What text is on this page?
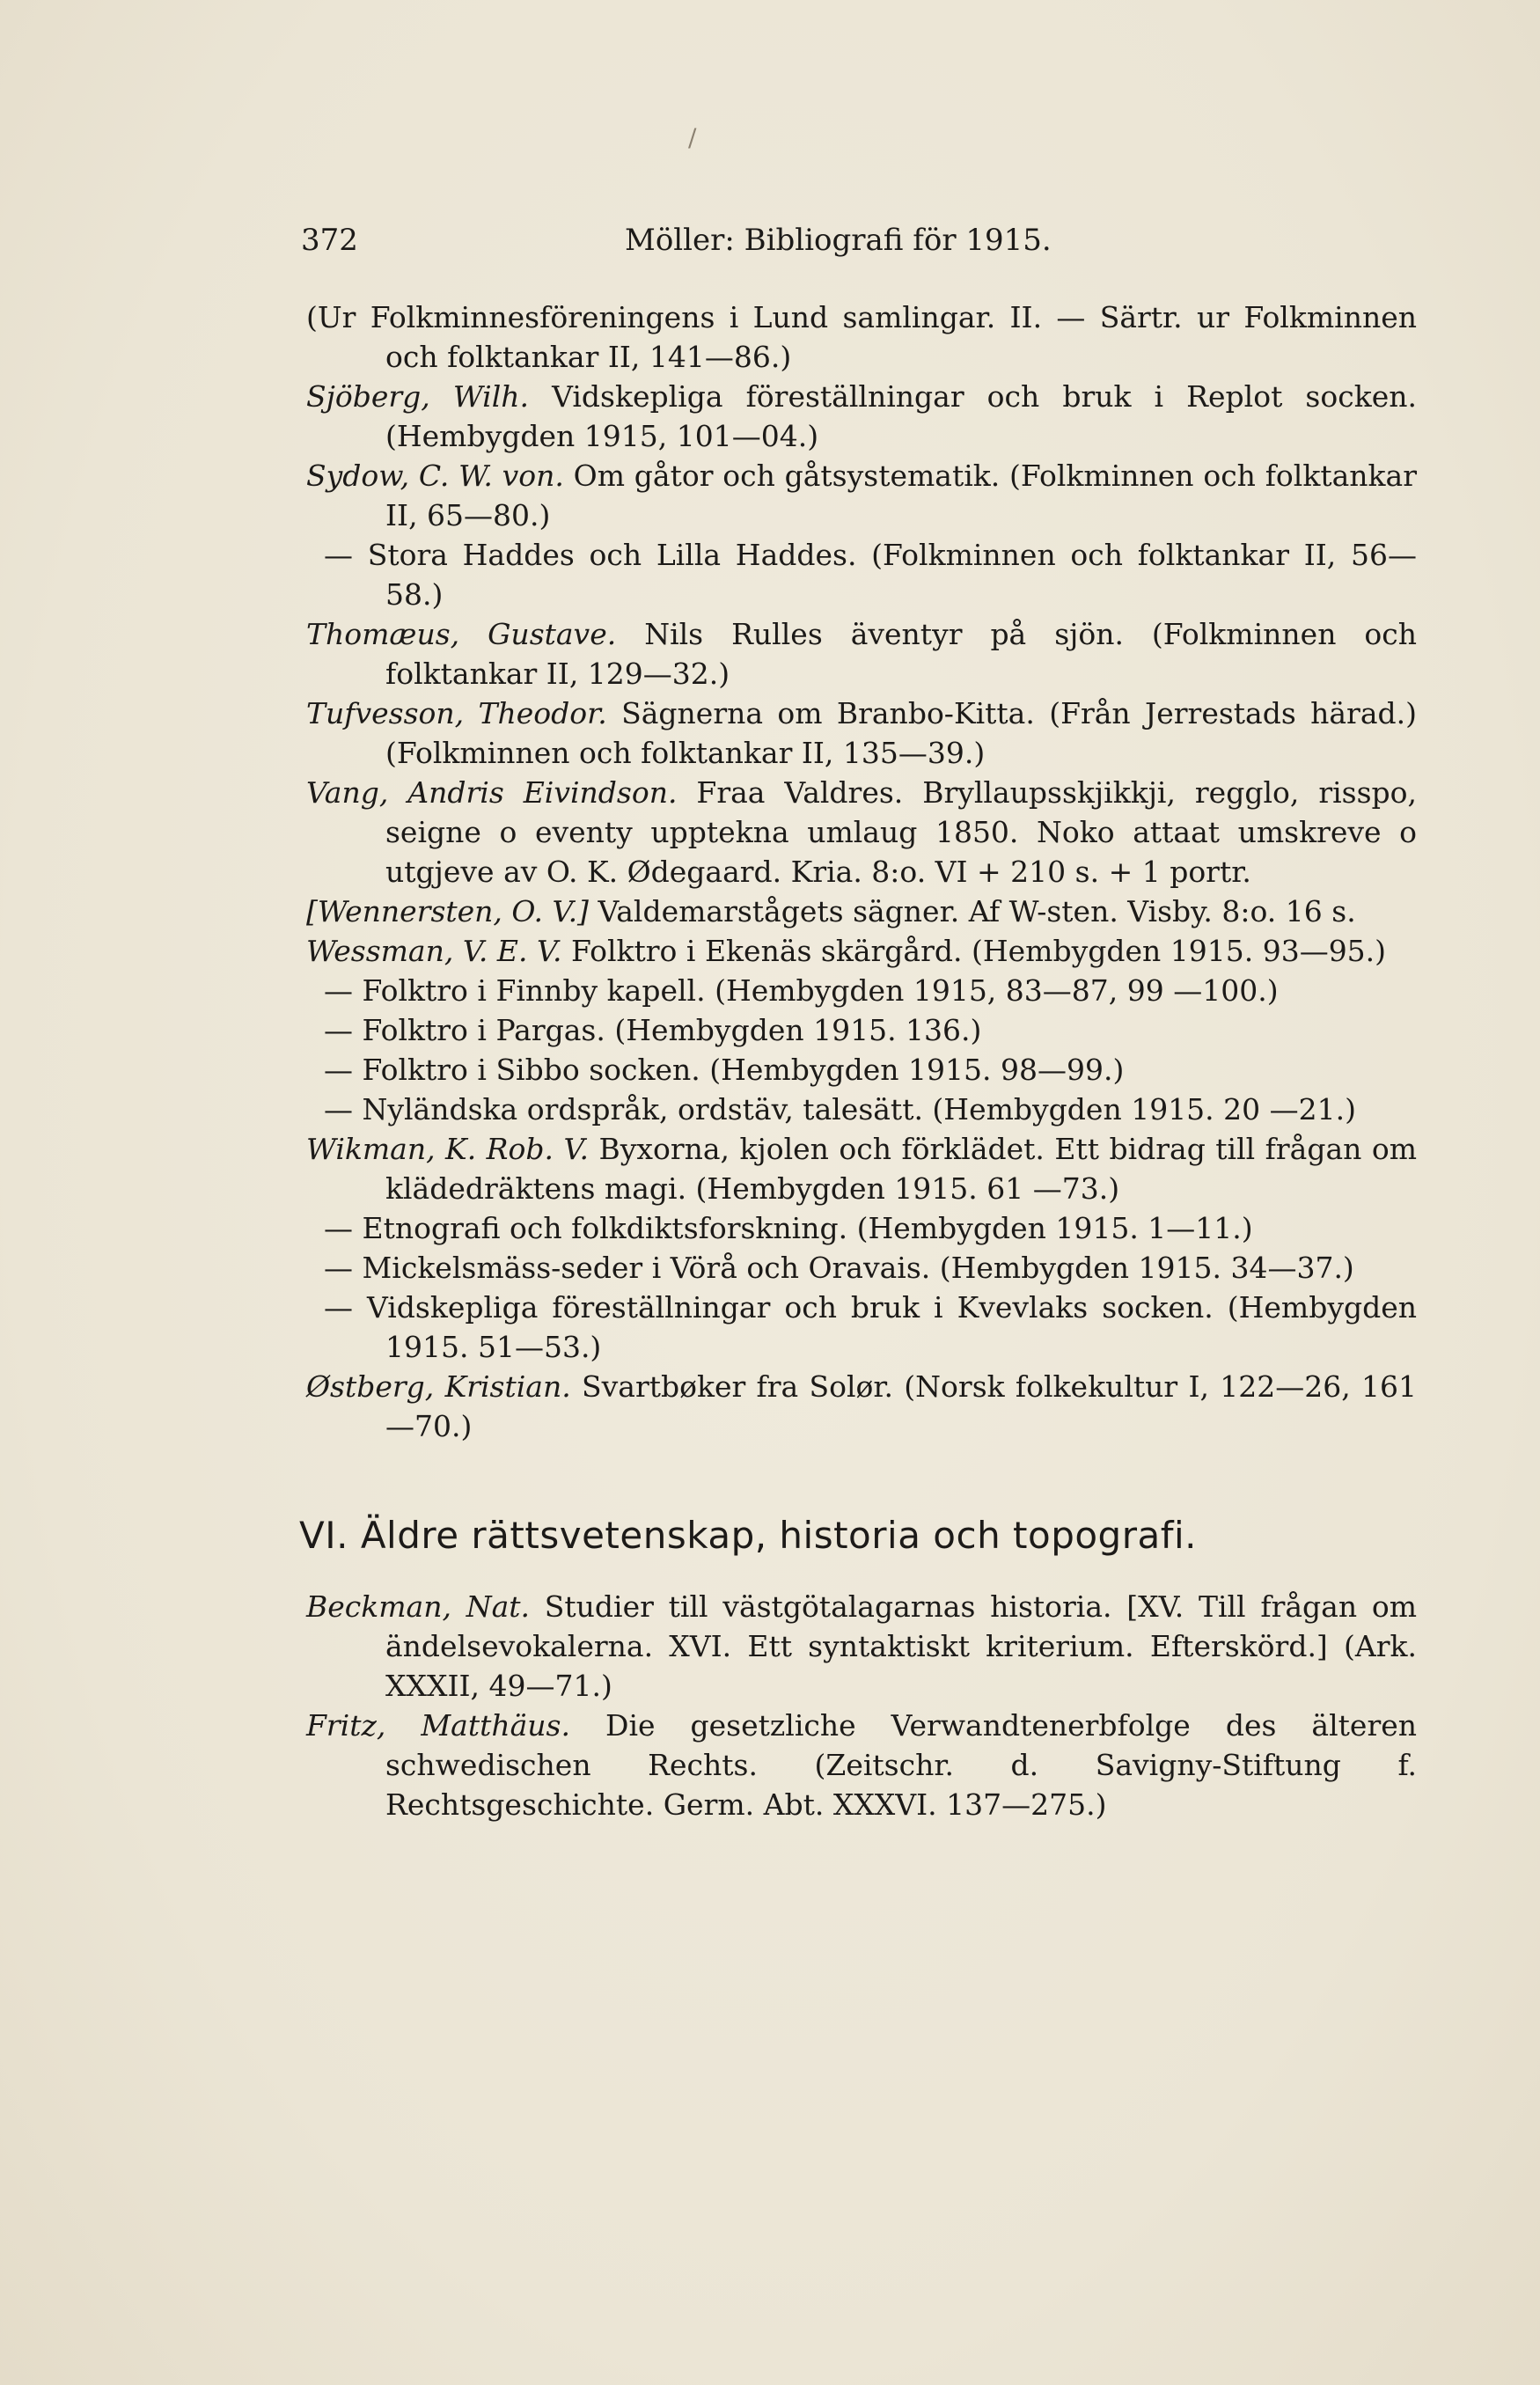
372	Möller: Bibliografi för 1915.
(Ur Folkminnesföreningens i Lund samlingar. II. — Särtr. ur Folkminnen och folktankar II, 141—86.)
Sjöberg, Wilh. Vidskepliga föreställningar och bruk i Replot socken. (Hembygden 1915, 101—04.)
Sydow, C. W. von. Om gåtor och gåtsystematik. (Folkminnen och folktankar II, 65—80.)
— Stora Haddes och Lilla Haddes. (Folkminnen och folktankar II, 56—58.)
Thomæus, Gustave. Nils Rulles äventyr på sjön. (Folkminnen och folktankar II, 129—32.)
Tufvesson, Theodor. Sägnerna om Branbo-Kitta. (Från Jerrestads härad.) (Folkminnen och folktankar II, 135—39.)
Vang, Andris Eivindson. Fraa Valdres. Bryllaupsskjikkji, regglo, risspo, seigne o eventy upptekna umlaug 1850. Noko attaat umskreve o utgjeve av O. K. Ødegaard. Kria. 8:o. VI + 210 s. + 1 portr.
[Wennersten, O. V.] Valdemarstågets sägner. Af W-sten. Visby. 8:o. 16 s.
Wessman, V. E. V. Folktro i Ekenäs skärgård. (Hembygden 1915. 93—95.)
— Folktro i Finnby kapell. (Hembygden 1915, 83—87, 99 —100.)
— Folktro i Pargas. (Hembygden 1915. 136.)
— Folktro i Sibbo socken. (Hembygden 1915. 98—99.)
— Nyländska ordspråk, ordstäv, talesätt. (Hembygden 1915. 20 —21.)
Wikman, K. Rob. V. Byxorna, kjolen och förklädet. Ett bidrag till frågan om klädedräktens magi. (Hembygden 1915. 61 —73.)
— Etnografi och folkdiktsforskning. (Hembygden 1915. 1—11.)
— Mickelsmäss-seder i Vörå och Oravais. (Hembygden 1915. 34—37.)
— Vidskepliga föreställningar och bruk i Kvevlaks socken. (Hembygden 1915. 51—53.)
Østberg, Kristian. Svartbøker fra Solør. (Norsk folkekultur I, 122—26, 161—70.)
VI. Äldre rättsvetenskap, historia och topografi.
Beckman, Nat. Studier till västgötalagarnas historia. [XV. Till frågan om ändelsevokalerna. XVI. Ett syntaktiskt kriterium. Efterskörd.] (Ark. XXXII, 49—71.)
Fritz, Matthäus. Die gesetzliche Verwandtenerbfolge des älteren schwedischen Rechts. (Zeitschr. d. Savigny-Stiftung f. Rechtsgeschichte. Germ. Abt. XXXVI. 137—275.)
/
